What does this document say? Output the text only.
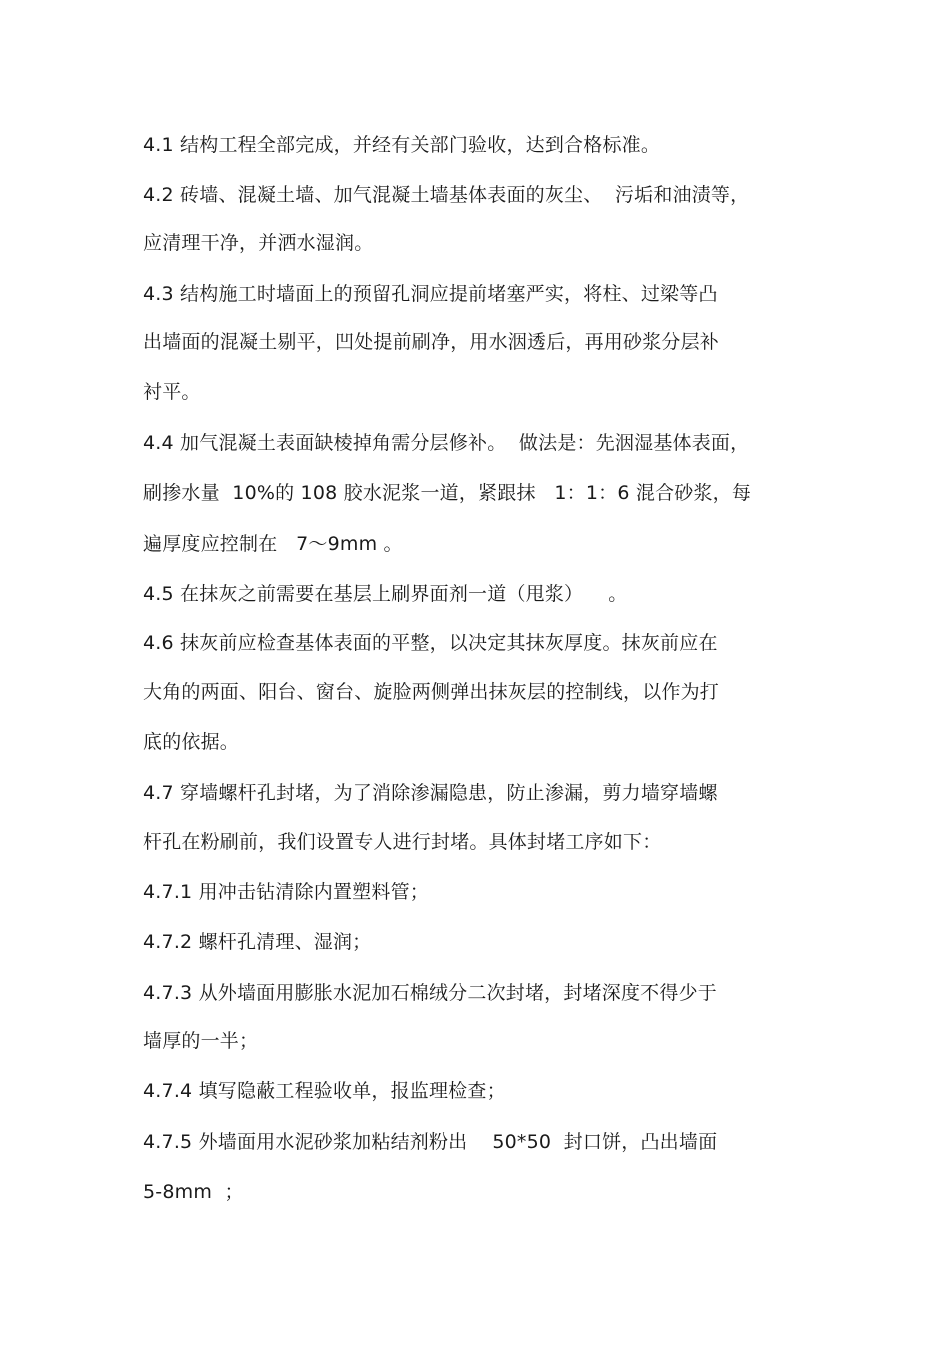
4.1 结构工程全部完成，并经有关部门验收，达到合格标准。
4.2 砖墙、混凝土墙、加气混凝土墙基体表面的灰尘、  污垢和油渍等，
应清理干净，并洒水湿润。
4.3 结构施工时墙面上的预留孔洞应提前堵塞严实，将柱、过梁等凸
出墙面的混凝土剔平，凹处提前刷净，用水洇透后，再用砂浆分层补
衬平。
4.4 加气混凝土表面缺棱掉角需分层修补。  做法是：先洇湿基体表面，
刷掺水量  10%的 108 胶水泥浆一道，紧跟抹   1：1：6 混合砂浆，每
遍厚度应控制在   7～9mm 。
4.5 在抹灰之前需要在基层上刷界面剂一道（甩浆）    。
4.6 抹灰前应检查基体表面的平整，以决定其抹灰厚度。抹灰前应在
大角的两面、阳台、窗台、旋脸两侧弹出抹灰层的控制线，以作为打
底的依据。
4.7 穿墙螺杆孔封堵，为了消除渗漏隐患，防止渗漏，剪力墙穿墙螺
杆孔在粉刷前，我们设置专人进行封堵。具体封堵工序如下：
4.7.1 用冲击钻清除内置塑料管；
4.7.2 螺杆孔清理、湿润；
4.7.3 从外墙面用膨胀水泥加石棉绒分二次封堵，封堵深度不得少于
墙厚的一半；
4.7.4 填写隐蔽工程验收单，报监理检查；
4.7.5 外墙面用水泥砂浆加粘结剂粉出    50*50  封口饼，凸出墙面
5-8mm  ；
